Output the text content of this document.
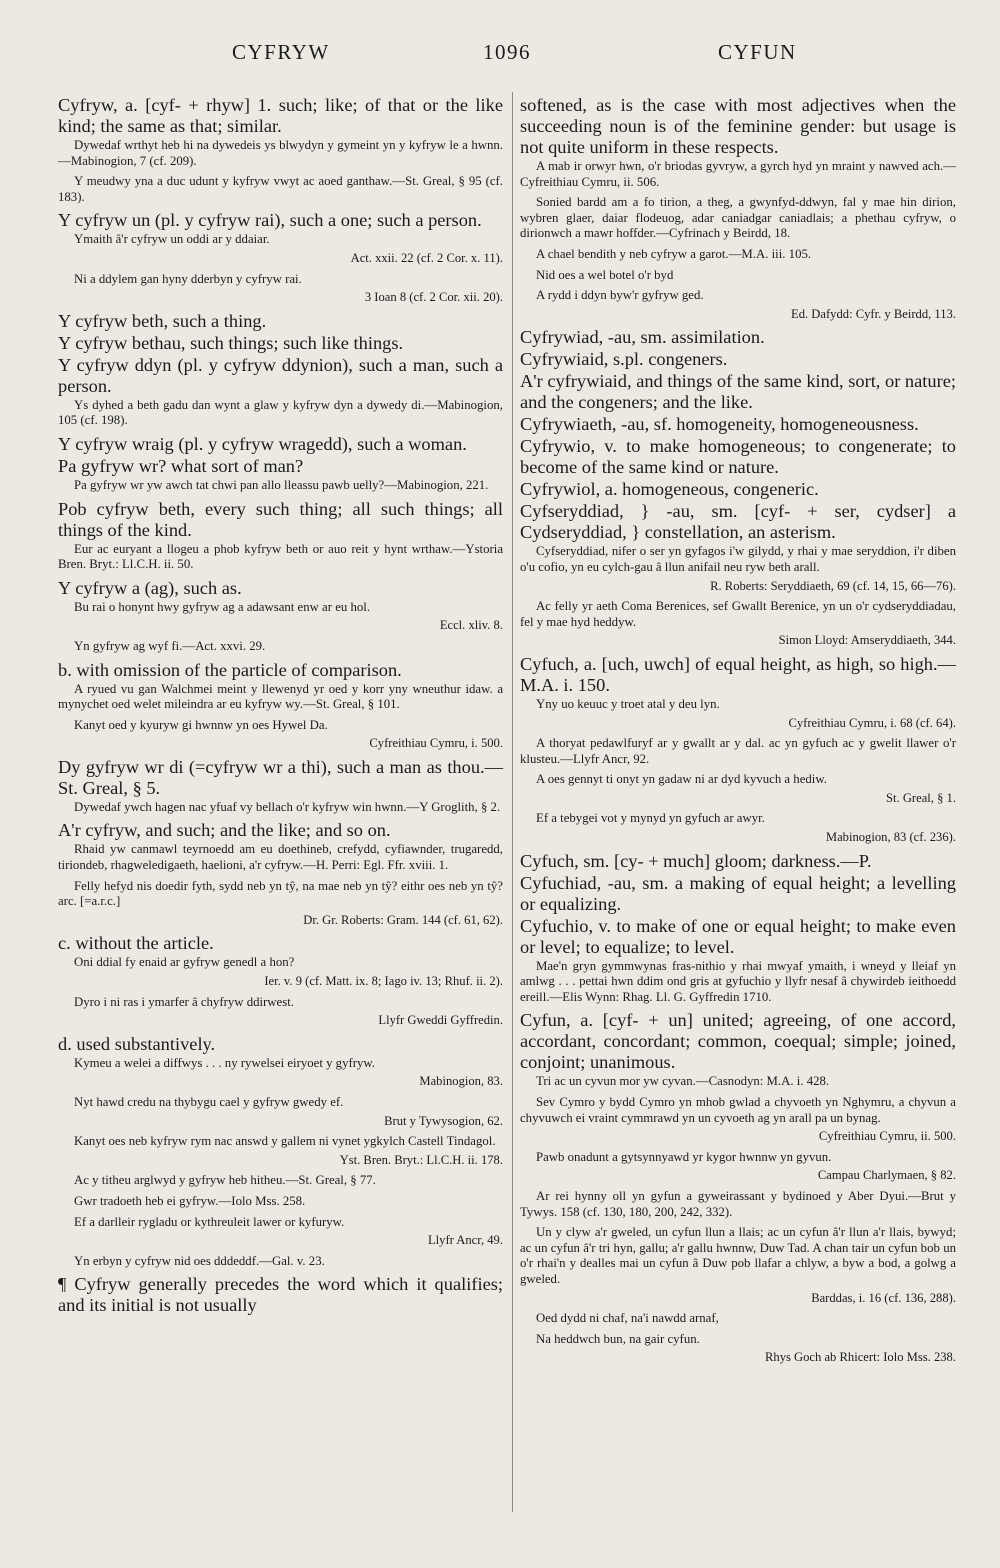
CYFRYW	1096	CYFUN

Cyfryw, a. [cyf- + rhyw] 1. such; like; of that or the like kind; the same as that; similar.

Dywedaf wrthyt heb hi na dywedeis ys blwydyn y gymeint yn y kyfryw le a hwnn.—Mabinogion, 7 (cf. 209).

Y meudwy yna a duc udunt y kyfryw vwyt ac aoed ganthaw.—St. Greal, § 95 (cf. 183).

Y cyfryw un (pl. y cyfryw rai), such a one; such a person.

Ymaith â'r cyfryw un oddi ar y ddaiar.

Act. xxii. 22 (cf. 2 Cor. x. 11).

Ni a ddylem gan hyny dderbyn y cyfryw rai.

3 Ioan 8 (cf. 2 Cor. xii. 20).

Y cyfryw beth, such a thing.

Y cyfryw bethau, such things; such like things.

Y cyfryw ddyn (pl. y cyfryw ddynion), such a man, such a person.

Ys dyhed a beth gadu dan wynt a glaw y kyfryw dyn a dywedy di.—Mabinogion, 105 (cf. 198).

Y cyfryw wraig (pl. y cyfryw wragedd), such a woman.

Pa gyfryw wr? what sort of man?

Pa gyfryw wr yw awch tat chwi pan allo lleassu pawb uelly?—Mabinogion, 221.

Pob cyfryw beth, every such thing; all such things; all things of the kind.

Eur ac euryant a llogeu a phob kyfryw beth or auo reit y hynt wrthaw.—Ystoria Bren. Bryt.: Ll.C.H. ii. 50.

Y cyfryw a (ag), such as.

Bu rai o honynt hwy gyfryw ag a adawsant enw ar eu hol.

Eccl. xliv. 8.

Yn gyfryw ag wyf fi.—Act. xxvi. 29.

b. with omission of the particle of comparison.

A ryued vu gan Walchmei meint y llewenyd yr oed y korr yny wneuthur idaw. a mynychet oed welet mileindra ar eu kyfryw wy.—St. Greal, § 101.

Kanyt oed y kyuryw gi hwnnw yn oes Hywel Da.

Cyfreithiau Cymru, i. 500.

Dy gyfryw wr di (=cyfryw wr a thi), such a man as thou.—St. Greal, § 5.

Dywedaf ywch hagen nac yfuaf vy bellach o'r kyfryw win hwnn.—Y Groglith, § 2.

A'r cyfryw, and such; and the like; and so on.

Rhaid yw canmawl teyrnoedd am eu doethineb, crefydd, cyfiawnder, trugaredd, tiriondeb, rhagweledigaeth, haelioni, a'r cyfryw.—H. Perri: Egl. Ffr. xviii. 1.

Felly hefyd nis doedir fyth, sydd neb yn tŷ, na mae neb yn tŷ? eithr oes neb yn tŷ? arc. [=a.r.c.]

Dr. Gr. Roberts: Gram. 144 (cf. 61, 62).

c. without the article.

Oni ddial fy enaid ar gyfryw genedl a hon?

Ier. v. 9 (cf. Matt. ix. 8; Iago iv. 13; Rhuf. ii. 2).

Dyro i ni ras i ymarfer â chyfryw ddirwest.

Llyfr Gweddi Gyffredin.

d. used substantively.

Kymeu a welei a diffwys . . . ny rywelsei eiryoet y gyfryw.

Mabinogion, 83.

Nyt hawd credu na thybygu cael y gyfryw gwedy ef.

Brut y Tywysogion, 62.

Kanyt oes neb kyfryw rym nac answd y gallem ni vynet ygkylch Castell Tindagol.

Yst. Bren. Bryt.: Ll.C.H. ii. 178.

Ac y titheu arglwyd y gyfryw heb hitheu.—St. Greal, § 77.

Gwr tradoeth heb ei gyfryw.—Iolo Mss. 258.

Ef a darlleir rygladu or kythreuleit lawer or kyfuryw.

Llyfr Ancr, 49.

Yn erbyn y cyfryw nid oes dddeddf.—Gal. v. 23.

¶ Cyfryw generally precedes the word which it qualifies; and its initial is not usually

softened, as is the case with most adjectives when the succeeding noun is of the feminine gender: but usage is not quite uniform in these respects.

A mab ir orwyr hwn, o'r briodas gyvryw, a gyrch hyd yn mraint y nawved ach.—Cyfreithiau Cymru, ii. 506.

Sonied bardd am a fo tirion, a theg, a gwynfyd-ddwyn, fal y mae hin dirion, wybren glaer, daiar flodeuog, adar caniadgar caniadlais; a phethau cyfryw, o dirionwch a mawr hoffder.—Cyfrinach y Beirdd, 18.

A chael bendith y neb cyfryw a garot.—M.A. iii. 105.

Nid oes a wel botel o'r byd

A rydd i ddyn byw'r gyfryw ged.

Ed. Dafydd: Cyfr. y Beirdd, 113.

Cyfrywiad, -au, sm. assimilation.

Cyfrywiaid, s.pl. congeners.

A'r cyfrywiaid, and things of the same kind, sort, or nature; and the congeners; and the like.

Cyfrywiaeth, -au, sf. homogeneity, homogeneousness.

Cyfrywio, v. to make homogeneous; to congenerate; to become of the same kind or nature.

Cyfrywiol, a. homogeneous, congeneric.

Cyfseryddiad, } -au, sm. [cyf- + ser, cydser] a Cydseryddiad, } constellation, an asterism.

Cyfseryddiad, nifer o ser yn gyfagos i'w gilydd, y rhai y mae seryddion, i'r diben o'u cofio, yn eu cylch-gau â llun anifail neu ryw beth arall.

R. Roberts: Seryddiaeth, 69 (cf. 14, 15, 66—76).

Ac felly yr aeth Coma Berenices, sef Gwallt Berenice, yn un o'r cydseryddiadau, fel y mae hyd heddyw.

Simon Lloyd: Amseryddiaeth, 344.

Cyfuch, a. [uch, uwch] of equal height, as high, so high.—M.A. i. 150.

Yny uo keuuc y troet atal y deu lyn.

Cyfreithiau Cymru, i. 68 (cf. 64).

A thoryat pedawlfuryf ar y gwallt ar y dal. ac yn gyfuch ac y gwelit llawer o'r klusteu.—Llyfr Ancr, 92.

A oes gennyt ti onyt yn gadaw ni ar dyd kyvuch a hediw.

St. Greal, § 1.

Ef a tebygei vot y mynyd yn gyfuch ar awyr.

Mabinogion, 83 (cf. 236).

Cyfuch, sm. [cy- + much] gloom; darkness.—P.

Cyfuchiad, -au, sm. a making of equal height; a levelling or equalizing.

Cyfuchio, v. to make of one or equal height; to make even or level; to equalize; to level.

Mae'n gryn gymmwynas fras-nithio y rhai mwyaf ymaith, i wneyd y lleiaf yn amlwg . . . pettai hwn ddim ond gris at gyfuchio y llyfr nesaf â chywirdeb ieithoedd ereill.—Elis Wynn: Rhag. Ll. G. Gyffredin 1710.

Cyfun, a. [cyf- + un] united; agreeing, of one accord, accordant, concordant; common, coequal; simple; joined, conjoint; unanimous.

Tri ac un cyvun mor yw cyvan.—Casnodyn: M.A. i. 428.

Sev Cymro y bydd Cymro yn mhob gwlad a chyvoeth yn Nghymru, a chyvun a chyvuwch ei vraint cymmrawd yn un cyvoeth ag yn arall pa un bynag.

Cyfreithiau Cymru, ii. 500.

Pawb onadunt a gytsynnyawd yr kygor hwnnw yn gyvun.

Campau Charlymaen, § 82.

Ar rei hynny oll yn gyfun a gyweirassant y bydinoed y Aber Dyui.—Brut y Tywys. 158 (cf. 130, 180, 200, 242, 332).

Un y clyw a'r gweled, un cyfun llun a llais; ac un cyfun â'r llun a'r llais, bywyd; ac un cyfun â'r tri hyn, gallu; a'r gallu hwnnw, Duw Tad. A chan tair un cyfun bob un o'r rhai'n y dealles mai un cyfun â Duw pob llafar a chlyw, a byw a bod, a golwg a gweled.

Barddas, i. 16 (cf. 136, 288).

Oed dydd ni chaf, na'i nawdd arnaf,

Na heddwch bun, na gair cyfun.

Rhys Goch ab Rhicert: Iolo Mss. 238.
